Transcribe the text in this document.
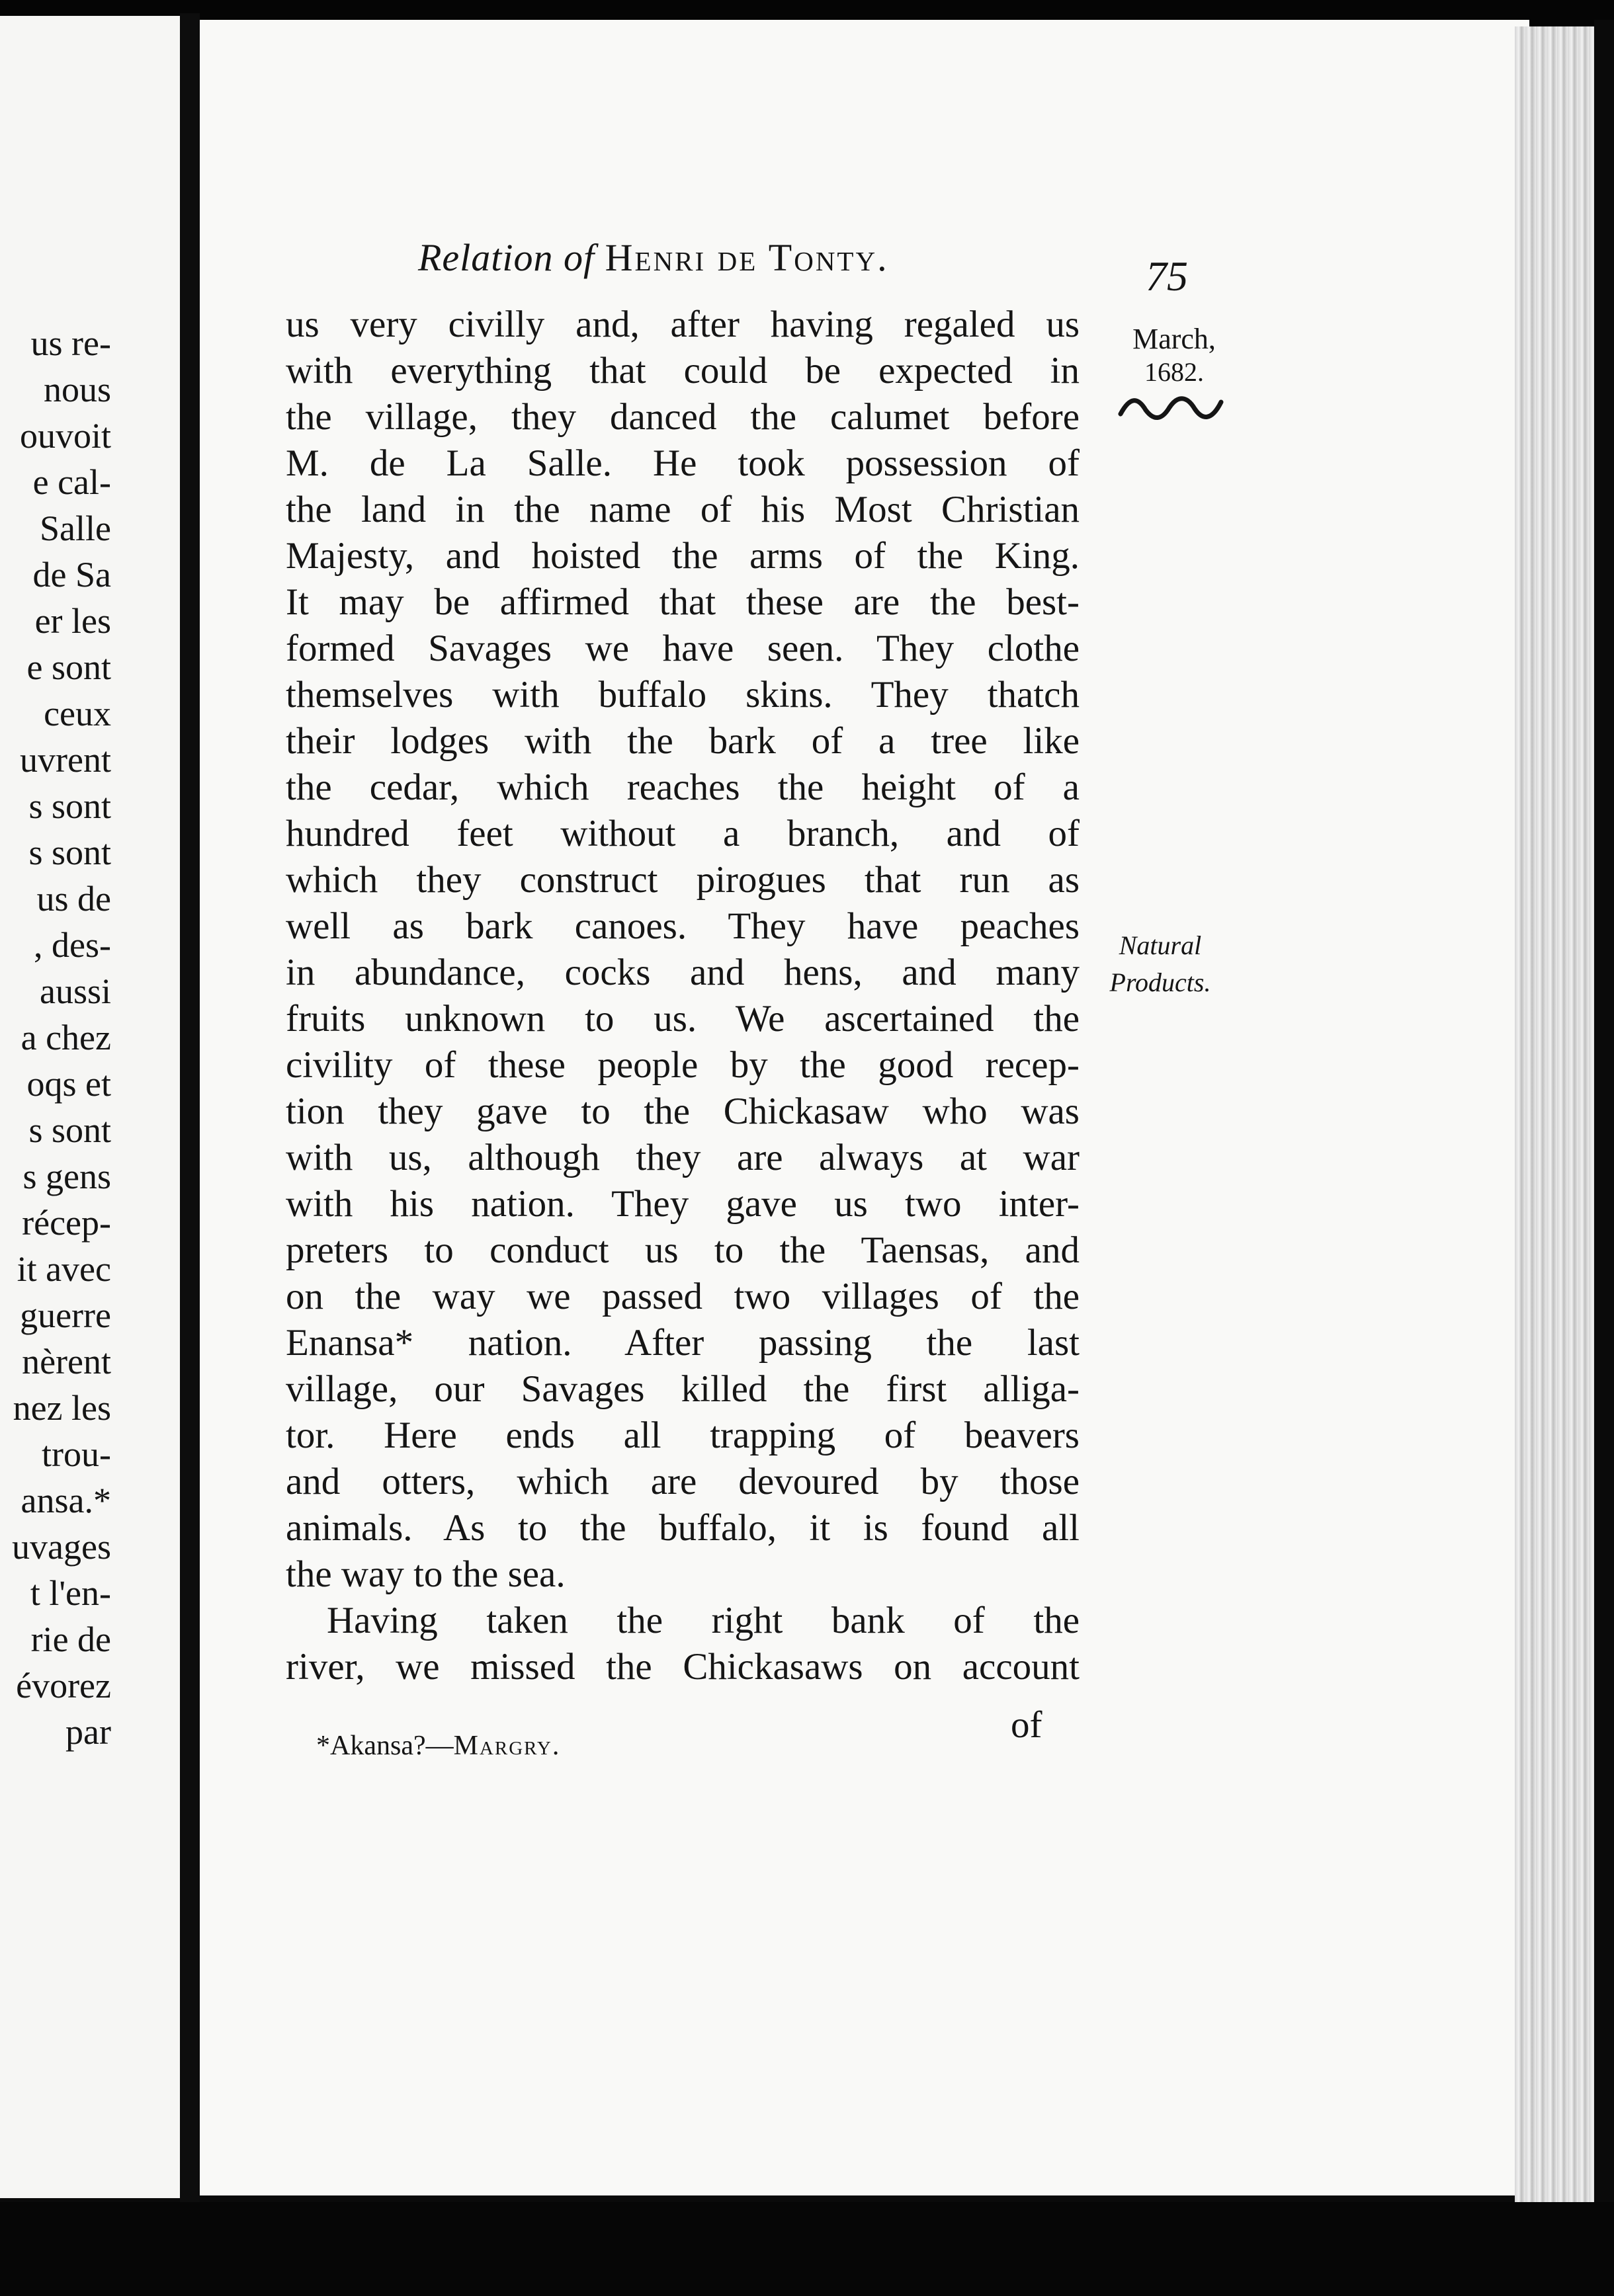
us re-
nous
ouvoit
e cal-
Salle
de Sa
er les
e sont
ceux
uvrent
s sont
s sont
us de
, des-
aussi
a chez
oqs et
s sont
s gens
récep-
it avec
guerre
nèrent
nez les
trou-
ansa.*
uvages
t l'en-
rie de
évorez
par
Relation of Henri de Tonty.	75
March,
1682.
us very civilly and, after having regaled us
with everything that could be expected in
the village, they danced the calumet before
M. de La Salle. He took possession of
the land in the name of his Most Christian
Majesty, and hoisted the arms of the King.
It may be affirmed that these are the best-
formed Savages we have seen. They clothe
themselves with buffalo skins. They thatch
their lodges with the bark of a tree like
the cedar, which reaches the height of a
hundred feet without a branch, and of
which they construct pirogues that run as
well as bark canoes. They have peaches
in abundance, cocks and hens, and many
fruits unknown to us. We ascertained the
civility of these people by the good recep-
tion they gave to the Chickasaw who was
with us, although they are always at war
with his nation. They gave us two inter-
preters to conduct us to the Taensas, and
on the way we passed two villages of the
Enansa* nation. After passing the last
village, our Savages killed the first alliga-
tor. Here ends all trapping of beavers
and otters, which are devoured by those
animals. As to the buffalo, it is found all
the way to the sea.
Having taken the right bank of the
river, we missed the Chickasaws on account
Natural
Products.
of
*Akansa?—Margry.
